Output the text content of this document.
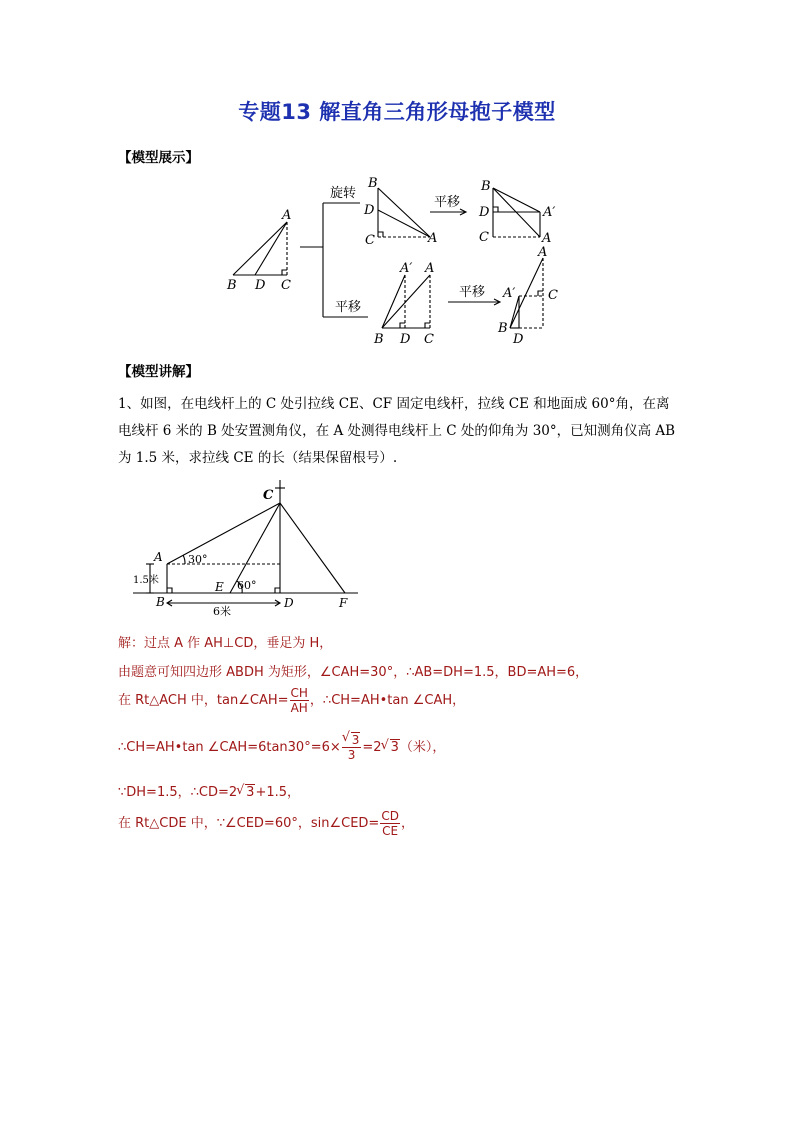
专题13 解直角三角形母抱子模型
【模型展示】
A
B D C
B
D
C	A
B
D
C
A′
A
A′ A
B D C
A
A′	C
B
D
旋转
平移
平移
平移
【模型讲解】
1、如图，在电线杆上的 C 处引拉线 CE、CF 固定电线杆，拉线 CE 和地面成 60°角，在离
电线杆 6 米的 B 处安置测角仪，在 A 处测得电线杆上 C 处的仰角为 30°，已知测角仪高 AB
为 1.5 米，求拉线 CE 的长（结果保留根号）.
C
A
B
E
D	F
30°
60°
1.5米
6米
解：过点 A 作 AH⊥CD，垂足为 H，
由题意可知四边形 ABDH 为矩形，∠CAH=30°，∴AB=DH=1.5，BD=AH=6，
在 Rt△ACH 中，tan∠CAH= $\frac{CH}{AH}$ ，∴CH=AH•tan ∠CAH，
∴CH=AH•tan ∠CAH=6tan30°=6×
√ $\frac{3}{3} =2√$ 3（米），
∵DH=1.5，∴CD=2√ 3+1.5，
在 Rt△CDE 中，∵∠CED=60°，sin∠CED= $\frac{CD}{CE}$ ，
